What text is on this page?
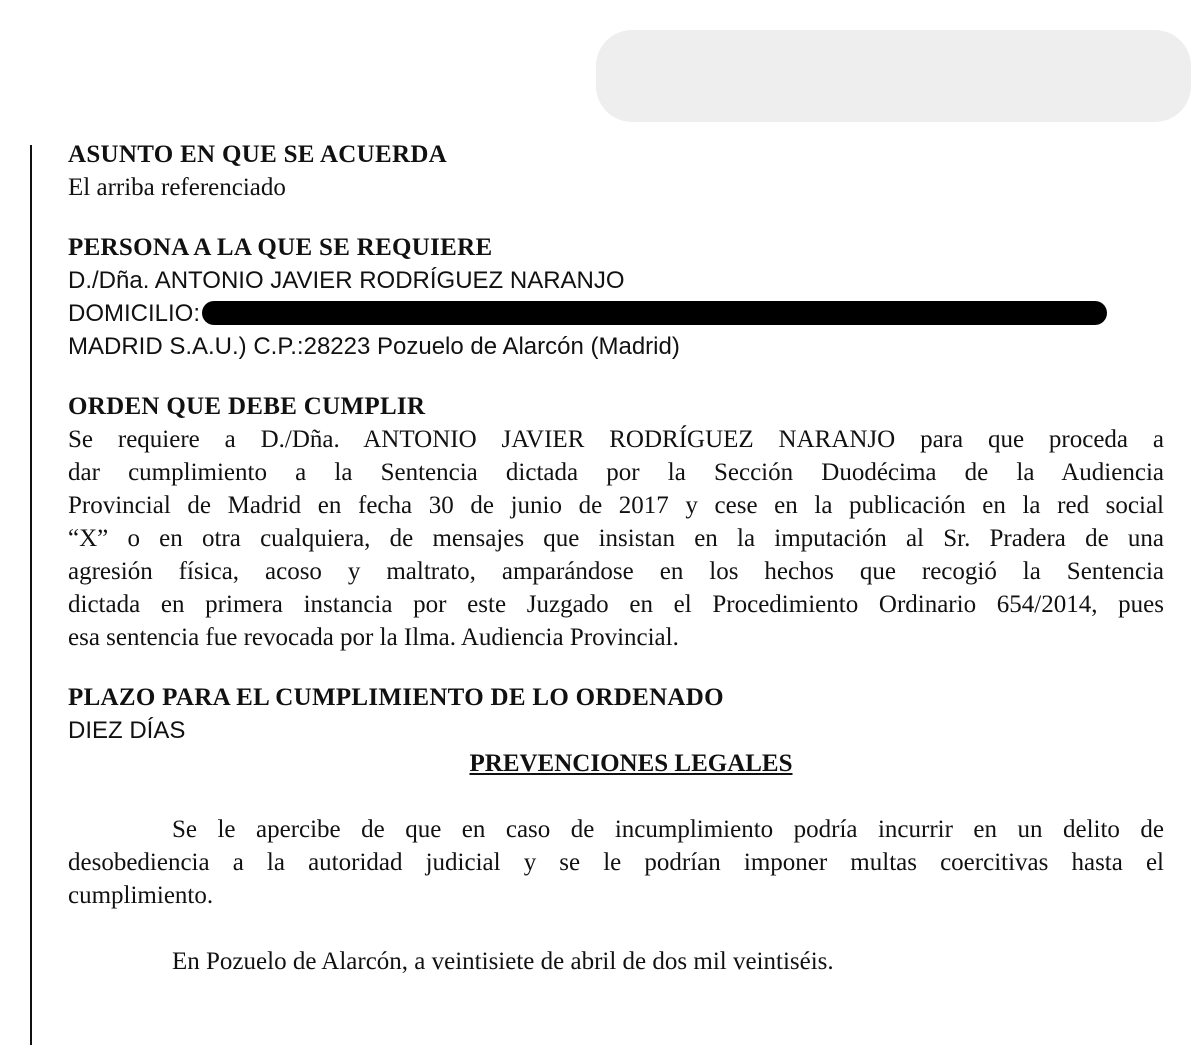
ASUNTO EN QUE SE ACUERDA

El arriba referenciado

PERSONA A LA QUE SE REQUIERE

D./Dña. ANTONIO JAVIER RODRÍGUEZ NARANJO

DOMICILIO:

MADRID S.A.U.) C.P.:28223 Pozuelo de Alarcón (Madrid)

ORDEN QUE DEBE CUMPLIR

Se requiere a D./Dña. ANTONIO JAVIER RODRÍGUEZ NARANJO para que proceda a
dar cumplimiento a la Sentencia dictada por la Sección Duodécima de la Audiencia
Provincial de Madrid en fecha 30 de junio de 2017 y cese en la publicación en la red social
“X” o en otra cualquiera, de mensajes que insistan en la imputación al Sr. Pradera de una
agresión física, acoso y maltrato, amparándose en los hechos que recogió la Sentencia
dictada en primera instancia por este Juzgado en el Procedimiento Ordinario 654/2014, pues
esa sentencia fue revocada por la Ilma. Audiencia Provincial.

PLAZO PARA EL CUMPLIMIENTO DE LO ORDENADO

DIEZ DÍAS

PREVENCIONES LEGALES

Se le apercibe de que en caso de incumplimiento podría incurrir en un delito de
desobediencia a la autoridad judicial y se le podrían imponer multas coercitivas hasta el
cumplimiento.

En Pozuelo de Alarcón, a veintisiete de abril de dos mil veintiséis.
